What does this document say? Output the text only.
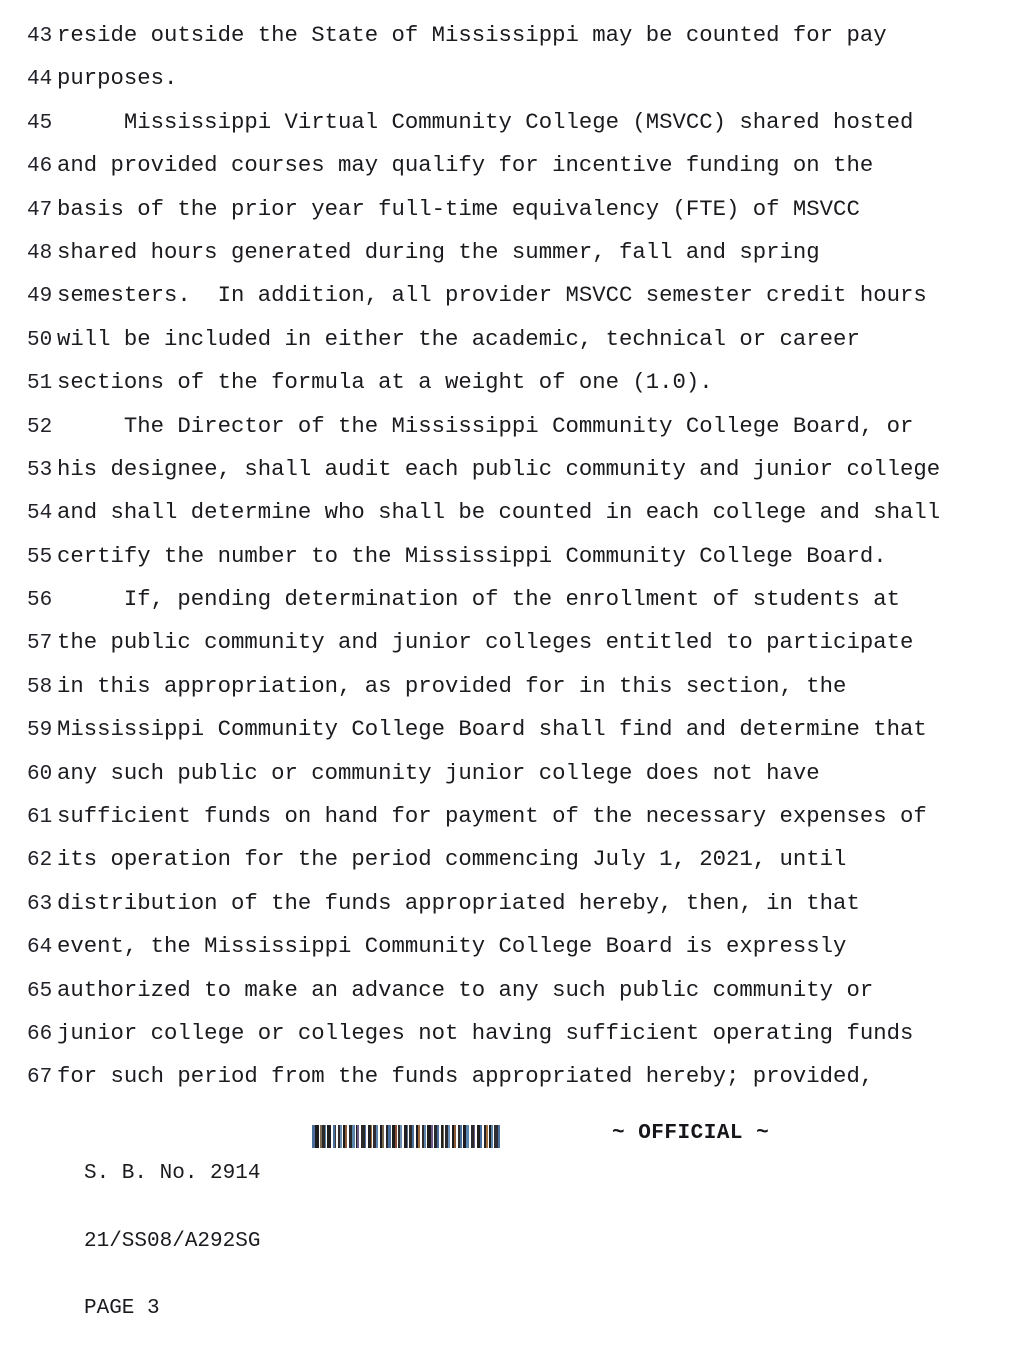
43 reside outside the State of Mississippi may be counted for pay
44 purposes.
45     Mississippi Virtual Community College (MSVCC) shared hosted
46 and provided courses may qualify for incentive funding on the
47 basis of the prior year full-time equivalency (FTE) of MSVCC
48 shared hours generated during the summer, fall and spring
49 semesters.  In addition, all provider MSVCC semester credit hours
50 will be included in either the academic, technical or career
51 sections of the formula at a weight of one (1.0).
52     The Director of the Mississippi Community College Board, or
53 his designee, shall audit each public community and junior college
54 and shall determine who shall be counted in each college and shall
55 certify the number to the Mississippi Community College Board.
56     If, pending determination of the enrollment of students at
57 the public community and junior colleges entitled to participate
58 in this appropriation, as provided for in this section, the
59 Mississippi Community College Board shall find and determine that
60 any such public or community junior college does not have
61 sufficient funds on hand for payment of the necessary expenses of
62 its operation for the period commencing July 1, 2021, until
63 distribution of the funds appropriated hereby, then, in that
64 event, the Mississippi Community College Board is expressly
65 authorized to make an advance to any such public community or
66 junior college or colleges not having sufficient operating funds
67 for such period from the funds appropriated hereby; provided,

S. B. No. 2914

21/SS08/A292SG

PAGE 3

~ OFFICIAL ~
